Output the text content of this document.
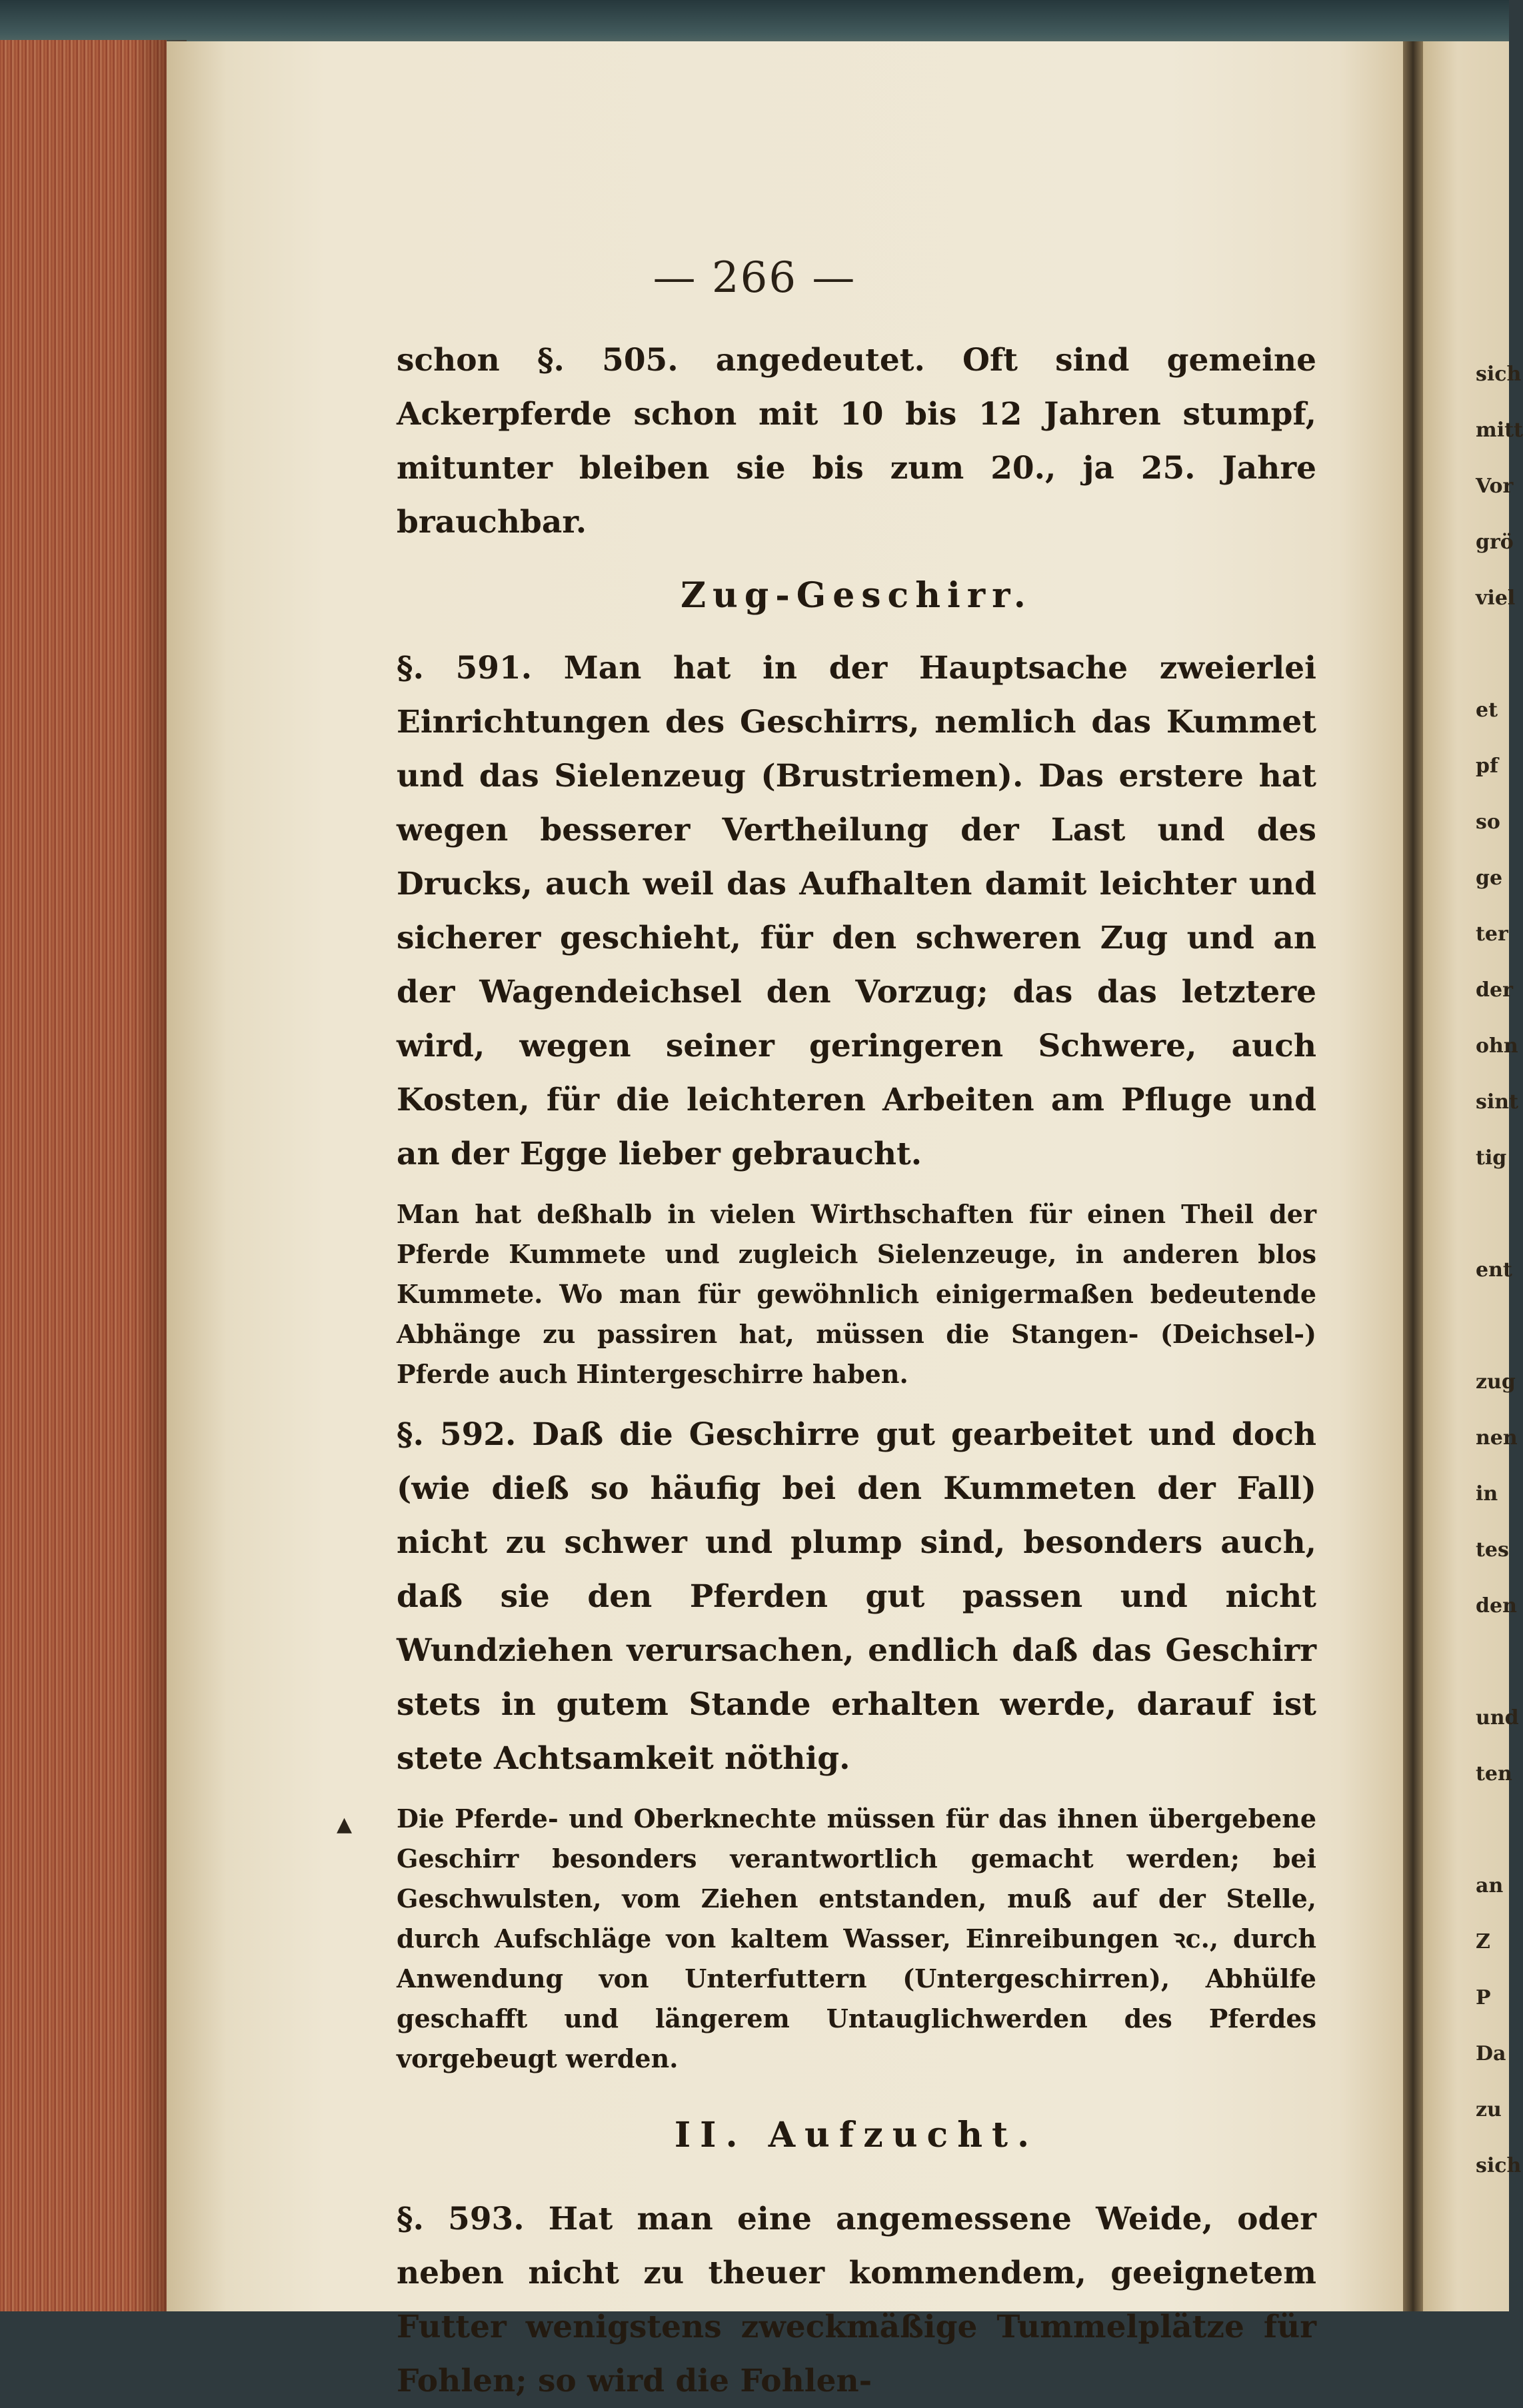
— 266 —

schon §. 505. angedeutet. Oft sind gemeine Ackerpferde schon mit 10 bis 12 Jahren stumpf, mitunter bleiben sie bis zum 20., ja 25. Jahre brauchbar.

Zug-Geschirr.

§. 591. Man hat in der Hauptsache zweierlei Einrichtungen des Geschirrs, nemlich das Kummet und das Sielenzeug (Brustriemen). Das erstere hat wegen besserer Vertheilung der Last und des Drucks, auch weil das Aufhalten damit leichter und sicherer geschieht, für den schweren Zug und an der Wagendeichsel den Vorzug; das das letztere wird, wegen seiner geringeren Schwere, auch Kosten, für die leichteren Arbeiten am Pfluge und an der Egge lieber gebraucht.

Man hat deßhalb in vielen Wirthschaften für einen Theil der Pferde Kummete und zugleich Sielenzeuge, in anderen blos Kummete. Wo man für gewöhnlich einigermaßen bedeutende Abhänge zu passiren hat, müssen die Stangen- (Deichsel-) Pferde auch Hintergeschirre haben.

§. 592. Daß die Geschirre gut gearbeitet und doch (wie dieß so häufig bei den Kummeten der Fall) nicht zu schwer und plump sind, besonders auch, daß sie den Pferden gut passen und nicht Wundziehen verursachen, endlich daß das Geschirr stets in gutem Stande erhalten werde, darauf ist stete Achtsamkeit nöthig.

Die Pferde- und Oberknechte müssen für das ihnen übergebene Geschirr besonders verantwortlich gemacht werden; bei Geschwulsten, vom Ziehen entstanden, muß auf der Stelle, durch Aufschläge von kaltem Wasser, Einreibungen ꝛc., durch Anwendung von Unterfuttern (Untergeschirren), Abhülfe geschafft und längerem Untauglichwerden des Pferdes vorgebeugt werden.

II. Aufzucht.

§. 593. Hat man eine angemessene Weide, oder neben nicht zu theuer kommendem, geeignetem Futter wenigstens zweckmäßige Tummelplätze für Fohlen; so wird die Fohlen-

▲
sich
mitt
Vor
grö
viel

et
pf
so
ge
ter
der
ohn
sint
tig

ent

zug
nen
in
tes
den

und
ten

an
Z
P
Da
zu
sich
